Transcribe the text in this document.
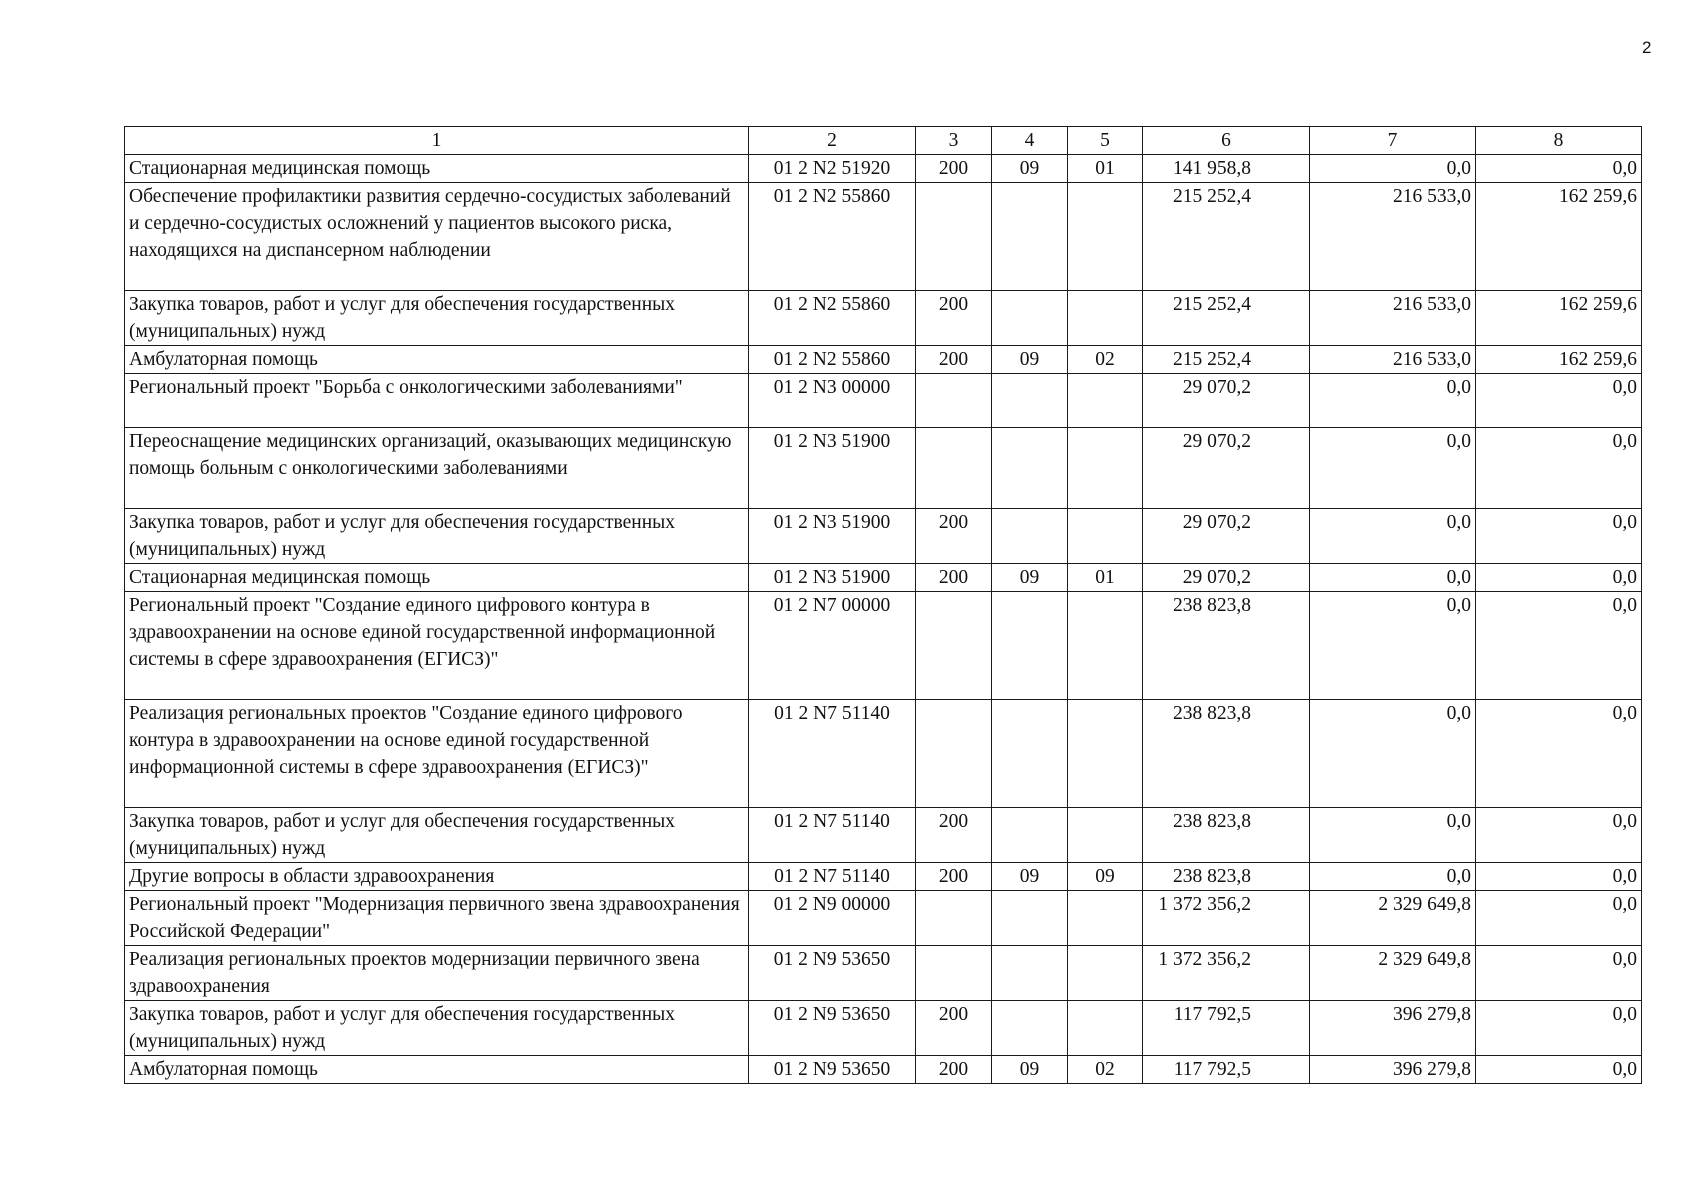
2
1	2	3	4	5	6	7	8
Стационарная медицинская помощь	01 2 N2 51920	200	09	01	141 958,8	0,0	0,0
Обеспечение профилактики развития сердечно-сосудистых заболеваний и сердечно-сосудистых осложнений у пациентов высокого риска, находящихся на диспансерном наблюдении	01 2 N2 55860				215 252,4	216 533,0	162 259,6
Закупка товаров, работ и услуг для обеспечения государственных (муниципальных) нужд	01 2 N2 55860	200			215 252,4	216 533,0	162 259,6
Амбулаторная помощь	01 2 N2 55860	200	09	02	215 252,4	216 533,0	162 259,6
Региональный проект "Борьба с онкологическими заболеваниями"	01 2 N3 00000				29 070,2	0,0	0,0
Переоснащение медицинских организаций, оказывающих медицинскую помощь больным с онкологическими заболеваниями	01 2 N3 51900				29 070,2	0,0	0,0
Закупка товаров, работ и услуг для обеспечения государственных (муниципальных) нужд	01 2 N3 51900	200			29 070,2	0,0	0,0
Стационарная медицинская помощь	01 2 N3 51900	200	09	01	29 070,2	0,0	0,0
Региональный проект "Создание единого цифрового контура в здравоохранении на основе единой государственной информационной системы в сфере здравоохранения (ЕГИСЗ)"	01 2 N7 00000				238 823,8	0,0	0,0
Реализация региональных проектов "Создание единого цифрового контура в здравоохранении на основе единой государственной информационной системы в сфере здравоохранения (ЕГИСЗ)"	01 2 N7 51140				238 823,8	0,0	0,0
Закупка товаров, работ и услуг для обеспечения государственных (муниципальных) нужд	01 2 N7 51140	200			238 823,8	0,0	0,0
Другие вопросы в области здравоохранения	01 2 N7 51140	200	09	09	238 823,8	0,0	0,0
Региональный проект "Модернизация первичного звена здравоохранения Российской Федерации"	01 2 N9 00000				1 372 356,2	2 329 649,8	0,0
Реализация региональных проектов модернизации первичного звена здравоохранения	01 2 N9 53650				1 372 356,2	2 329 649,8	0,0
Закупка товаров, работ и услуг для обеспечения государственных (муниципальных) нужд	01 2 N9 53650	200			117 792,5	396 279,8	0,0
Амбулаторная помощь	01 2 N9 53650	200	09	02	117 792,5	396 279,8	0,0
